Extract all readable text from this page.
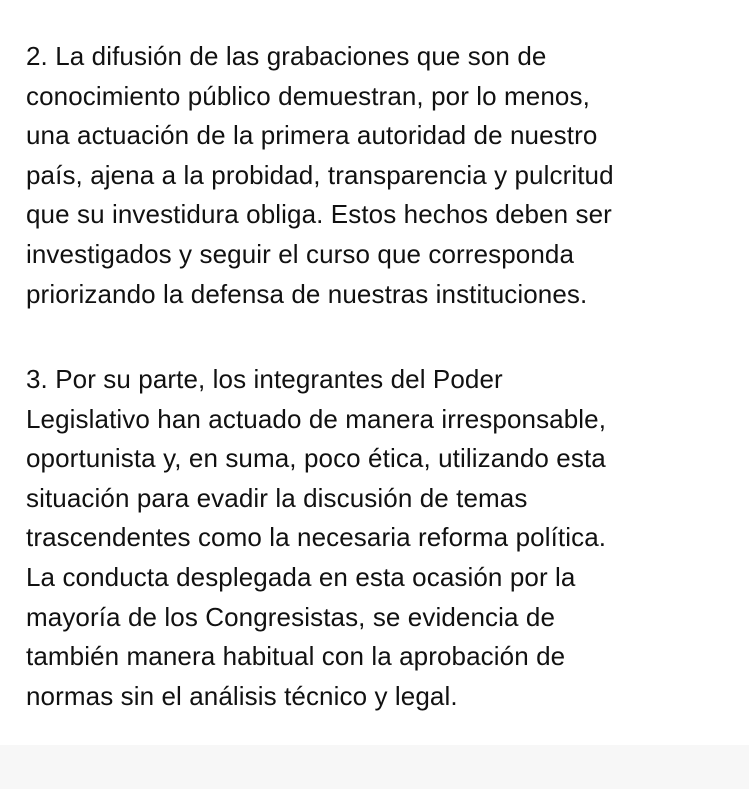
2. La difusión de las grabaciones que son de
conocimiento público demuestran, por lo menos,
una actuación de la primera autoridad de nuestro
país, ajena a la probidad, transparencia y pulcritud
que su investidura obliga. Estos hechos deben ser
investigados y seguir el curso que corresponda
priorizando la defensa de nuestras instituciones.

3. Por su parte, los integrantes del Poder
Legislativo han actuado de manera irresponsable,
oportunista y, en suma, poco ética, utilizando esta
situación para evadir la discusión de temas
trascendentes como la necesaria reforma política.
La conducta desplegada en esta ocasión por la
mayoría de los Congresistas, se evidencia de
también manera habitual con la aprobación de
normas sin el análisis técnico y legal.
